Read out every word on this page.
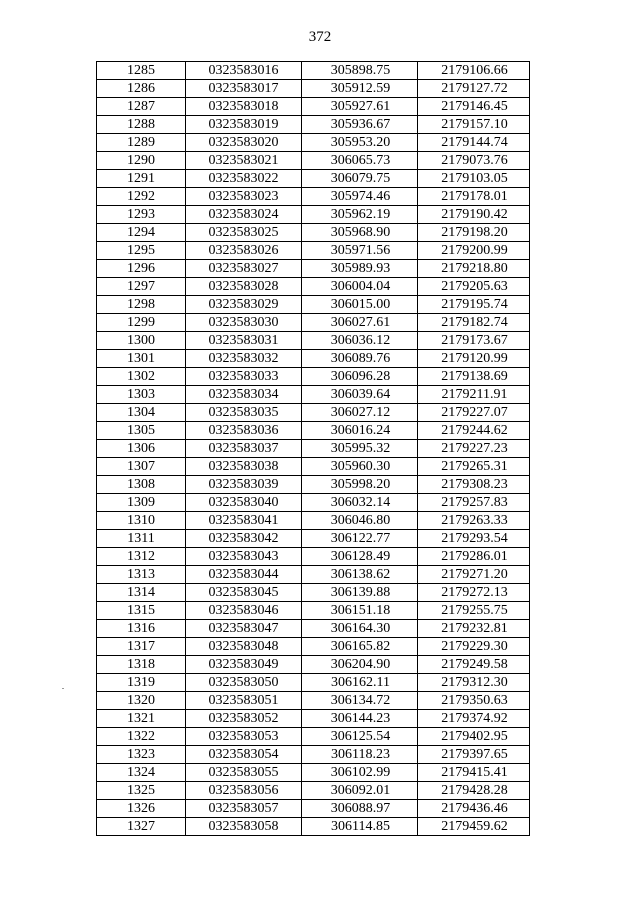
372
1285	0323583016	305898.75	2179106.66
1286	0323583017	305912.59	2179127.72
1287	0323583018	305927.61	2179146.45
1288	0323583019	305936.67	2179157.10
1289	0323583020	305953.20	2179144.74
1290	0323583021	306065.73	2179073.76
1291	0323583022	306079.75	2179103.05
1292	0323583023	305974.46	2179178.01
1293	0323583024	305962.19	2179190.42
1294	0323583025	305968.90	2179198.20
1295	0323583026	305971.56	2179200.99
1296	0323583027	305989.93	2179218.80
1297	0323583028	306004.04	2179205.63
1298	0323583029	306015.00	2179195.74
1299	0323583030	306027.61	2179182.74
1300	0323583031	306036.12	2179173.67
1301	0323583032	306089.76	2179120.99
1302	0323583033	306096.28	2179138.69
1303	0323583034	306039.64	2179211.91
1304	0323583035	306027.12	2179227.07
1305	0323583036	306016.24	2179244.62
1306	0323583037	305995.32	2179227.23
1307	0323583038	305960.30	2179265.31
1308	0323583039	305998.20	2179308.23
1309	0323583040	306032.14	2179257.83
1310	0323583041	306046.80	2179263.33
1311	0323583042	306122.77	2179293.54
1312	0323583043	306128.49	2179286.01
1313	0323583044	306138.62	2179271.20
1314	0323583045	306139.88	2179272.13
1315	0323583046	306151.18	2179255.75
1316	0323583047	306164.30	2179232.81
1317	0323583048	306165.82	2179229.30
1318	0323583049	306204.90	2179249.58
1319	0323583050	306162.11	2179312.30
1320	0323583051	306134.72	2179350.63
1321	0323583052	306144.23	2179374.92
1322	0323583053	306125.54	2179402.95
1323	0323583054	306118.23	2179397.65
1324	0323583055	306102.99	2179415.41
1325	0323583056	306092.01	2179428.28
1326	0323583057	306088.97	2179436.46
1327	0323583058	306114.85	2179459.62
